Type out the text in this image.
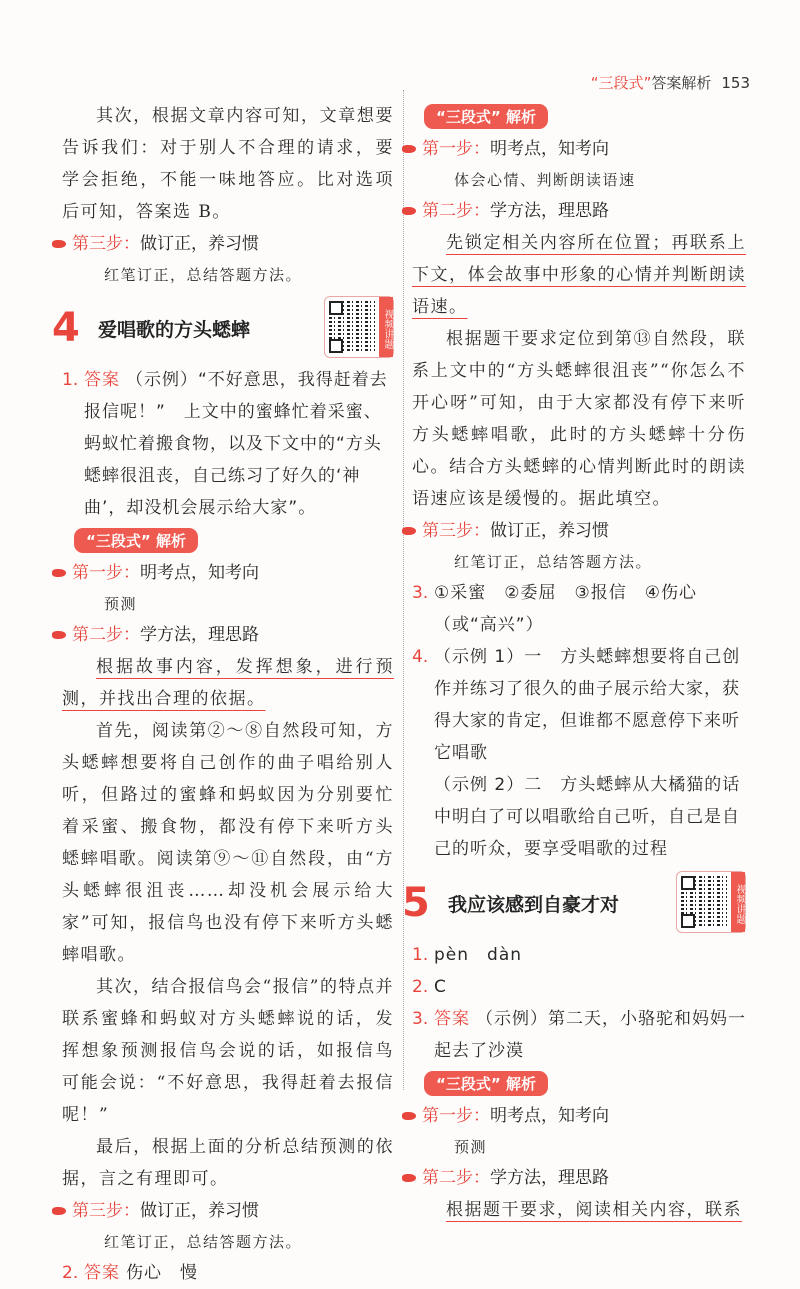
“三段式”答案解析 153

其次，根据文章内容可知，文章想要告诉我们：对于别人不合理的请求，要学会拒绝，不能一味地答应。比对选项后可知，答案选 B。

第三步： 做订正，养习惯

红笔订正，总结答题方法。

4 爱唱歌的方头蟋蟀	视频讲题
1. 答案 （示例）“不好意思，我得赶着去报信呢！”　上文中的蜜蜂忙着采蜜、蚂蚁忙着搬食物，以及下文中的“方头蟋蟀很沮丧，自己练习了好久的‘神曲’，却没机会展示给大家”。
“三段式” 解析
第一步： 明考点，知考向

预测

第二步： 学方法，理思路

根据故事内容，发挥想象，进行预测，并找出合理的依据。

首先，阅读第②～⑧自然段可知，方头蟋蟀想要将自己创作的曲子唱给别人听，但路过的蜜蜂和蚂蚁因为分别要忙着采蜜、搬食物，都没有停下来听方头蟋蟀唱歌。阅读第⑨～⑪自然段，由“方头蟋蟀很沮丧……却没机会展示给大家”可知，报信鸟也没有停下来听方头蟋蟀唱歌。

其次，结合报信鸟会“报信”的特点并联系蜜蜂和蚂蚁对方头蟋蟀说的话，发挥想象预测报信鸟会说的话，如报信鸟可能会说：“不好意思，我得赶着去报信呢！”

最后，根据上面的分析总结预测的依据，言之有理即可。

第三步： 做订正，养习惯

红笔订正，总结答题方法。

2. 答案 伤心　慢
“三段式” 解析
第一步： 明考点，知考向

体会心情、判断朗读语速

第二步： 学方法，理思路

先锁定相关内容所在位置；再联系上下文，体会故事中形象的心情并判断朗读语速。

根据题干要求定位到第⑬自然段，联系上文中的“方头蟋蟀很沮丧”“你怎么不开心呀”可知，由于大家都没有停下来听方头蟋蟀唱歌，此时的方头蟋蟀十分伤心。结合方头蟋蟀的心情判断此时的朗读语速应该是缓慢的。据此填空。

第三步： 做订正，养习惯

红笔订正，总结答题方法。

3. ①采蜜　②委屈　③报信　④伤心（或“高兴”）
4. （示例 1）一　方头蟋蟀想要将自己创作并练习了很久的曲子展示给大家，获得大家的肯定，但谁都不愿意停下来听它唱歌
（示例 2）二　方头蟋蟀从大橘猫的话中明白了可以唱歌给自己听，自己是自己的听众，要享受唱歌的过程
5 我应该感到自豪才对	视频讲题
1. pèn　dàn
2. C
3. 答案 （示例）第二天，小骆驼和妈妈一起去了沙漠
“三段式” 解析
第一步： 明考点，知考向

预测

第二步： 学方法，理思路

根据题干要求，阅读相关内容，联系
